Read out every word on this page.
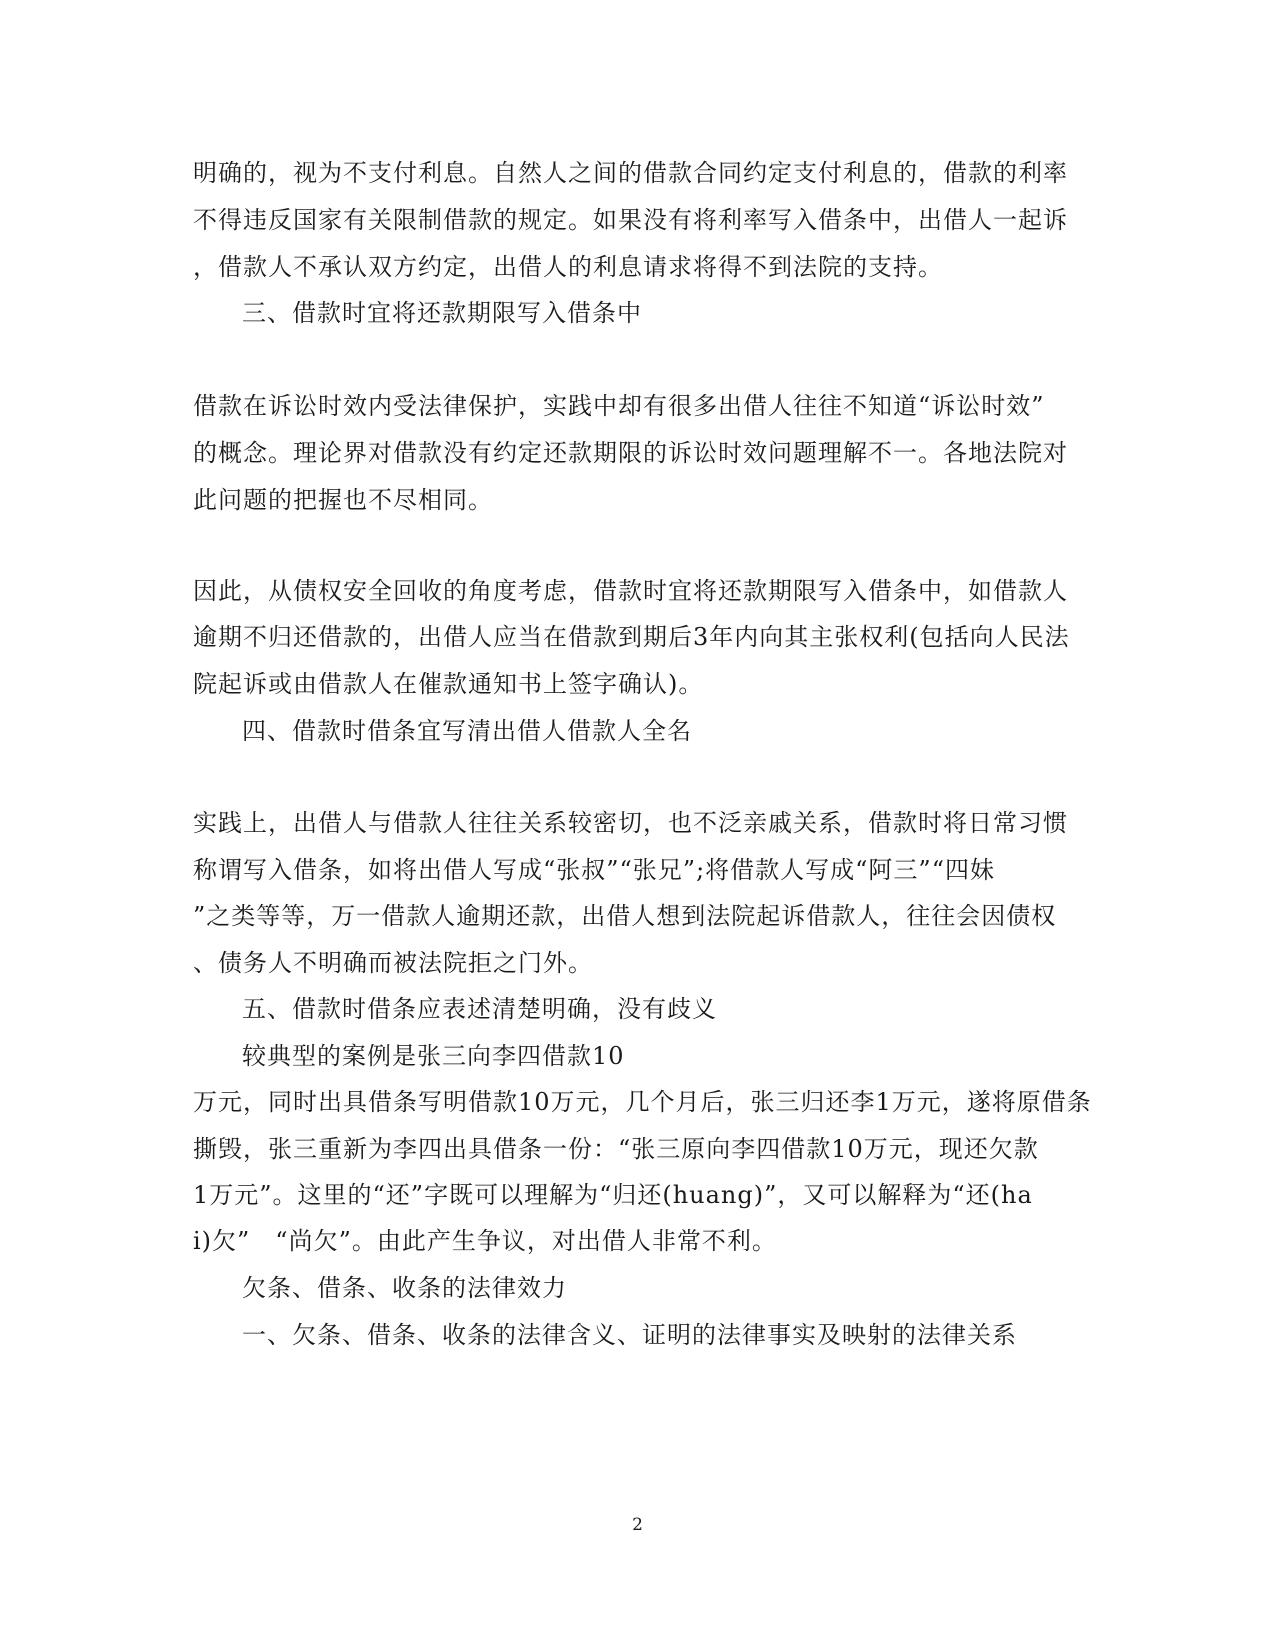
明确的，视为不支付利息。自然人之间的借款合同约定支付利息的，借款的利率
不得违反国家有关限制借款的规定。如果没有将利率写入借条中，出借人一起诉
，借款人不承认双方约定，出借人的利息请求将得不到法院的支持。
三、借款时宜将还款期限写入借条中
借款在诉讼时效内受法律保护，实践中却有很多出借人往往不知道“诉讼时效”
的概念。理论界对借款没有约定还款期限的诉讼时效问题理解不一。各地法院对
此问题的把握也不尽相同。
因此，从债权安全回收的角度考虑，借款时宜将还款期限写入借条中，如借款人
逾期不归还借款的，出借人应当在借款到期后3年内向其主张权利(包括向人民法
院起诉或由借款人在催款通知书上签字确认)。
四、借款时借条宜写清出借人借款人全名
实践上，出借人与借款人往往关系较密切，也不泛亲戚关系，借款时将日常习惯
称谓写入借条，如将出借人写成“张叔”“张兄”;将借款人写成“阿三”“四妹
”之类等等，万一借款人逾期还款，出借人想到法院起诉借款人，往往会因债权
、债务人不明确而被法院拒之门外。
五、借款时借条应表述清楚明确，没有歧义
较典型的案例是张三向李四借款10
万元，同时出具借条写明借款10万元，几个月后，张三归还李1万元，遂将原借条
撕毁，张三重新为李四出具借条一份：“张三原向李四借款10万元，现还欠款
1万元”。这里的“还”字既可以理解为“归还(huang)”，又可以解释为“还(ha
i)欠”　“尚欠”。由此产生争议，对出借人非常不利。
欠条、借条、收条的法律效力
一、欠条、借条、收条的法律含义、证明的法律事实及映射的法律关系
2
